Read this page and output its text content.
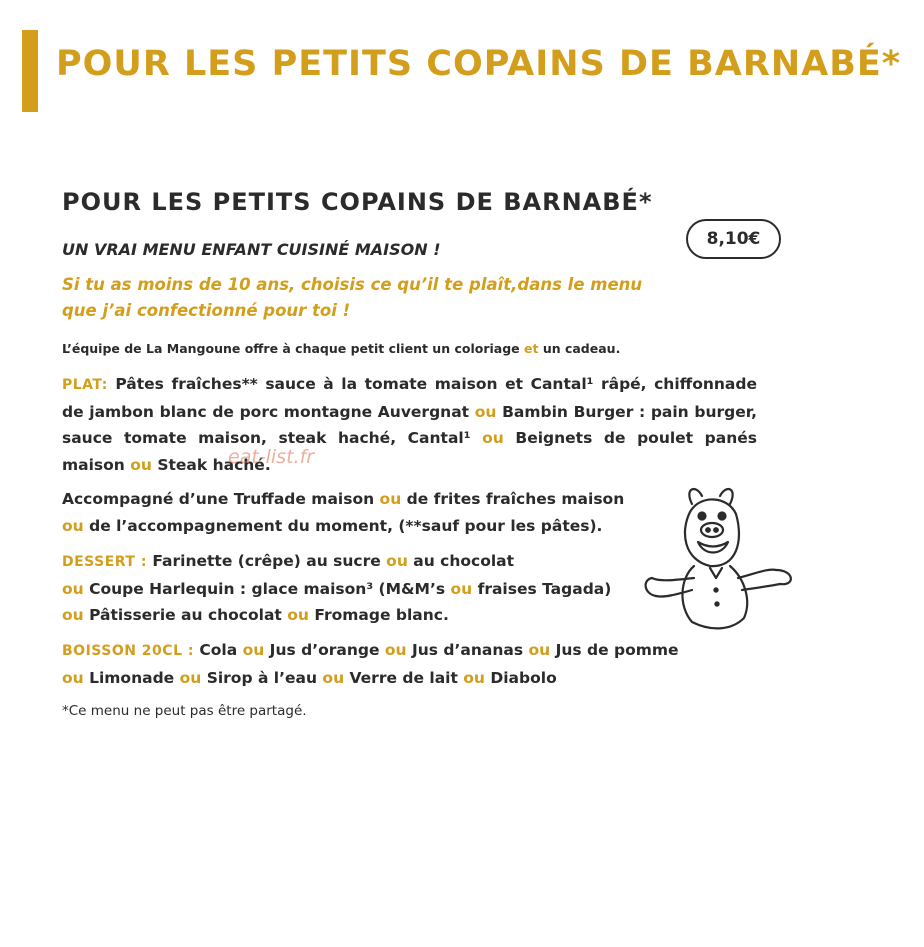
POUR LES PETITS COPAINS DE BARNABÉ*
POUR LES PETITS COPAINS DE BARNABÉ*
8,10€
UN VRAI MENU ENFANT CUISINÉ MAISON !
Si tu as moins de 10 ans, choisis ce qu’il te plaît,dans le menu que j’ai confectionné pour toi !
L’équipe de La Mangoune offre à chaque petit client un coloriage et un cadeau.
PLAT: Pâtes fraîches** sauce à la tomate maison et Cantal¹ râpé, chiffonnade de jambon blanc de porc montagne Auvergnat ou Bambin Burger : pain burger, sauce tomate maison, steak haché, Cantal¹ ou Beignets de poulet panés maison ou Steak haché.
eat-list.fr
Accompagné d’une Truffade maison ou de frites fraîches maison
ou de l’accompagnement du moment, (**sauf pour les pâtes).
DESSERT : Farinette (crêpe) au sucre ou au chocolat
ou Coupe Harlequin : glace maison³ (M&M’s ou fraises Tagada)
ou Pâtisserie au chocolat ou Fromage blanc.
BOISSON 20CL : Cola ou Jus d’orange ou Jus d’ananas ou Jus de pomme
ou Limonade ou Sirop à l’eau ou Verre de lait ou Diabolo
*Ce menu ne peut pas être partagé.
